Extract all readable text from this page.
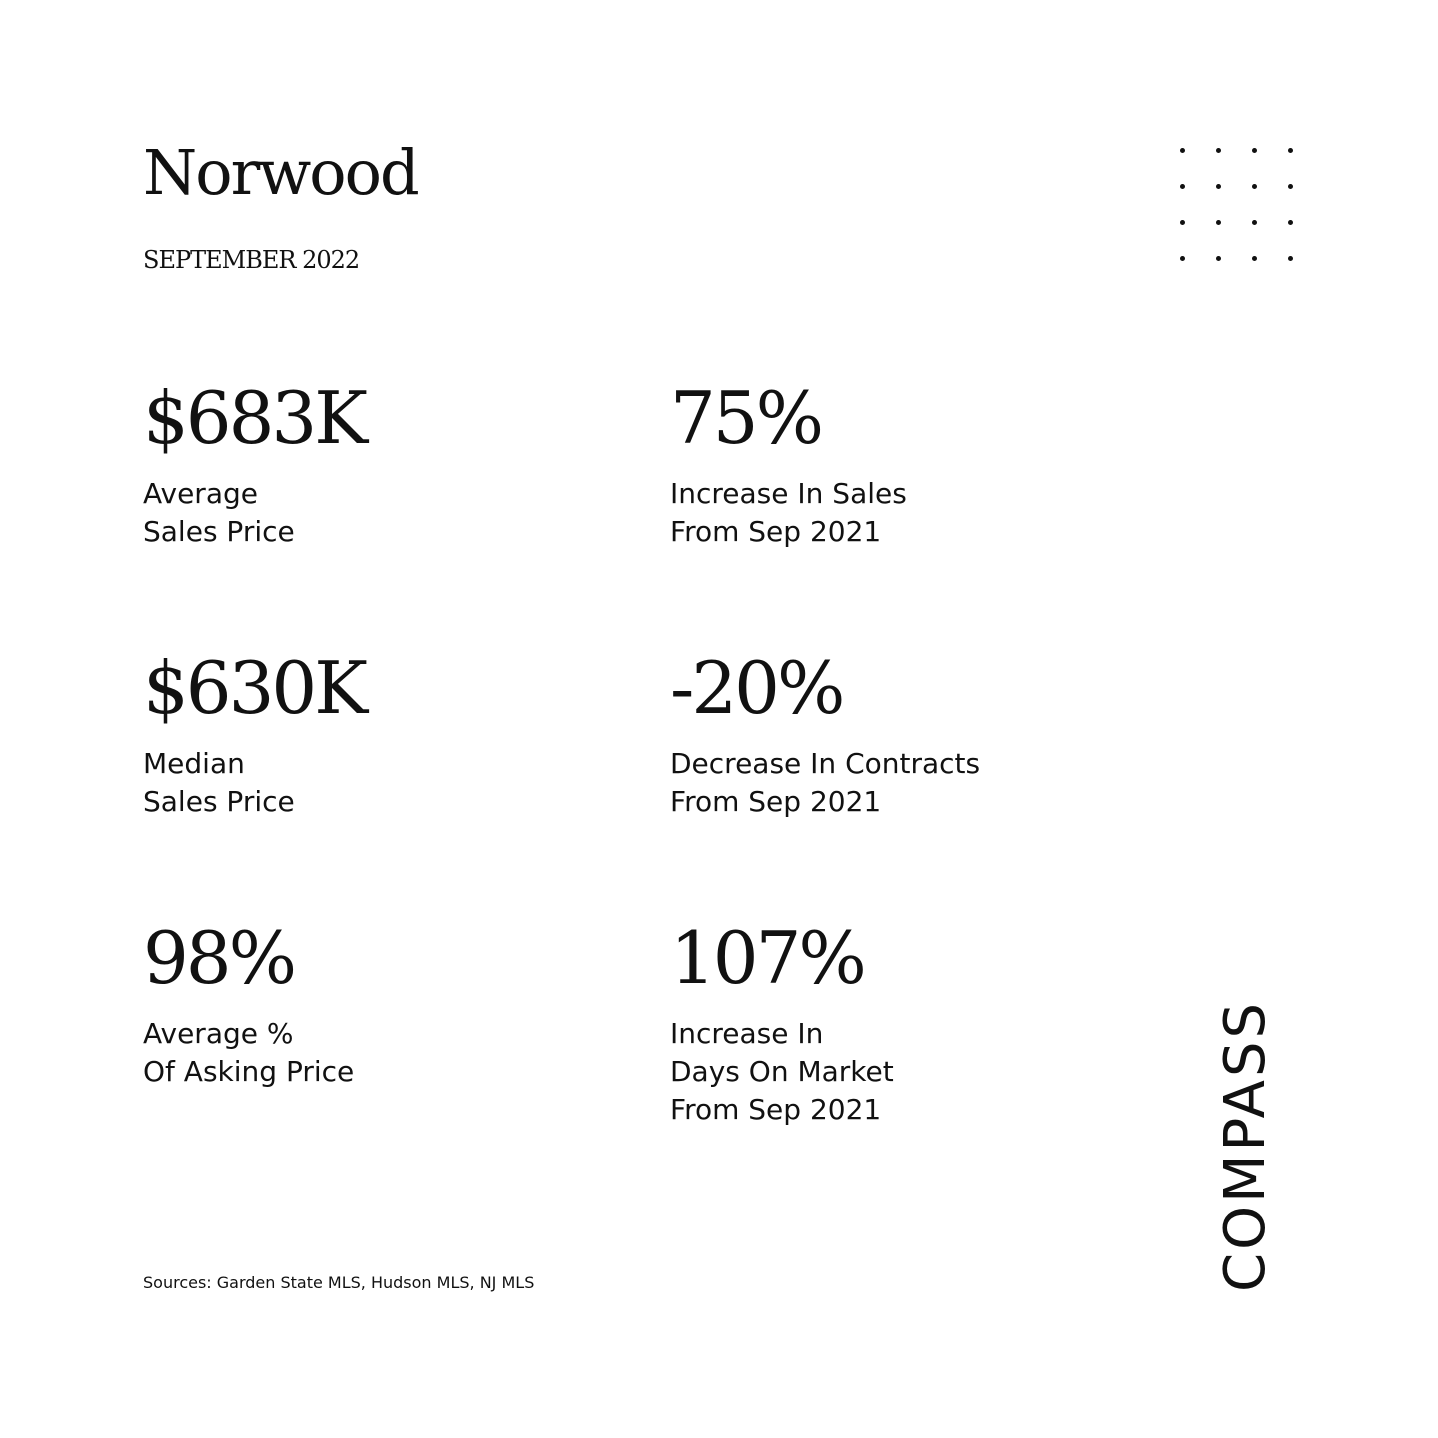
Norwood
SEPTEMBER 2022
$683K
Average
Sales Price
75%
Increase In Sales
From Sep 2021
$630K
Median
Sales Price
-20%
Decrease In Contracts
From Sep 2021
98%
Average %
Of Asking Price
107%
Increase In
Days On Market
From Sep 2021
Sources: Garden State MLS, Hudson MLS, NJ MLS	COMPASS
